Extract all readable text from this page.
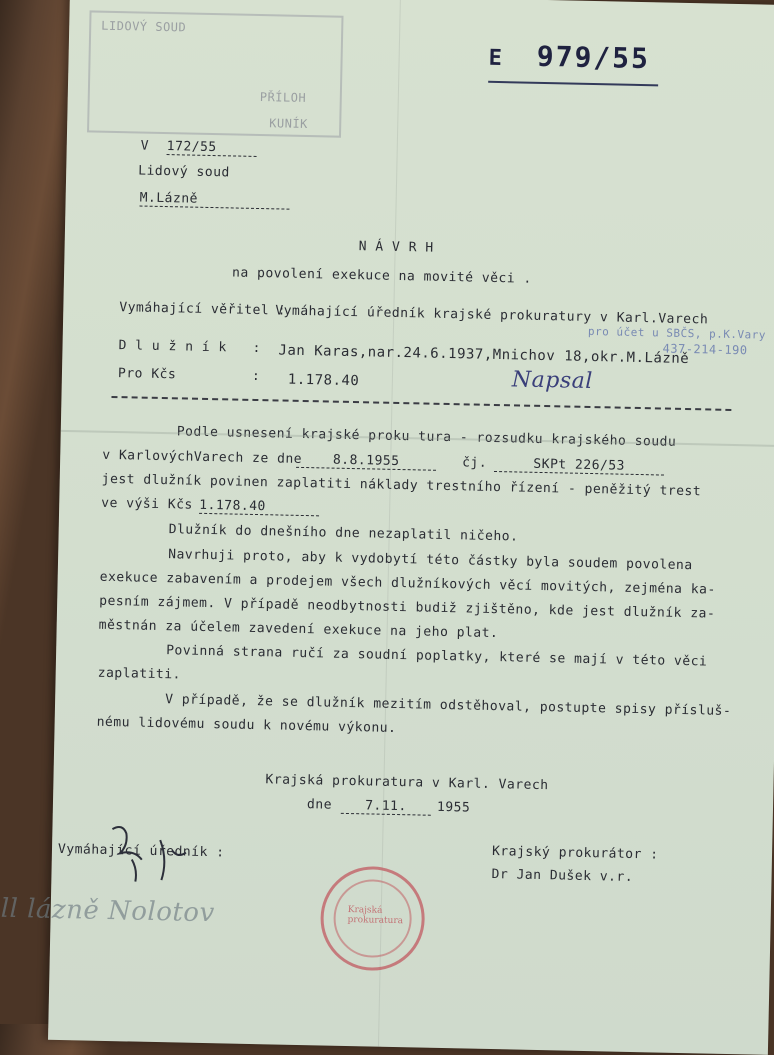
LIDOVÝ SOUD
PŘÍLOH
KUNÍK
E 979/55
V 172/55
Lidový soud
M.Lázně
N Á V R H
na povolení exekuce na movité věci .
Vymáhající věřitel :
Vymáhající úředník krajské prokuratury v Karl.Varech
pro účet u SBČS, p.K.Vary
437-214-190
D l u ž n í k : Jan Karas,nar.24.6.1937,Mnichov 18,okr.M.Lázně
Pro Kčs	: 1.178.40	Napsal
Podle usnesení krajské proku tura - rozsudku krajského soudu
v KarlovýchVarech ze dne	8.8.1955	čj.	SKPt 226/53
jest dlužník povinen zaplatiti náklady trestního řízení - peněžitý trest
ve výši Kčs 1.178.40
Dlužník do dnešního dne nezaplatil ničeho.
Navrhuji proto, aby k vydobytí této částky byla soudem povolena
exekuce zabavením a prodejem všech dlužníkových věcí movitých, zejména ka-
pesním zájmem. V případě neodbytnosti budiž zjištěno, kde jest dlužník za-
městnán za účelem zavedení exekuce na jeho plat.
Povinná strana ručí za soudní poplatky, které se mají v této věci
zaplatiti.
V případě, že se dlužník mezitím odstěhoval, postupte spisy přísluš-
nému lidovému soudu k novému výkonu.
Krajská prokuratura v Karl. Varech
dne	7.11.	1955
Vymáhající úředník :
ll lázně Nolotov	Krajská prokuratura
Krajský prokurátor :
Dr Jan Dušek v.r.
